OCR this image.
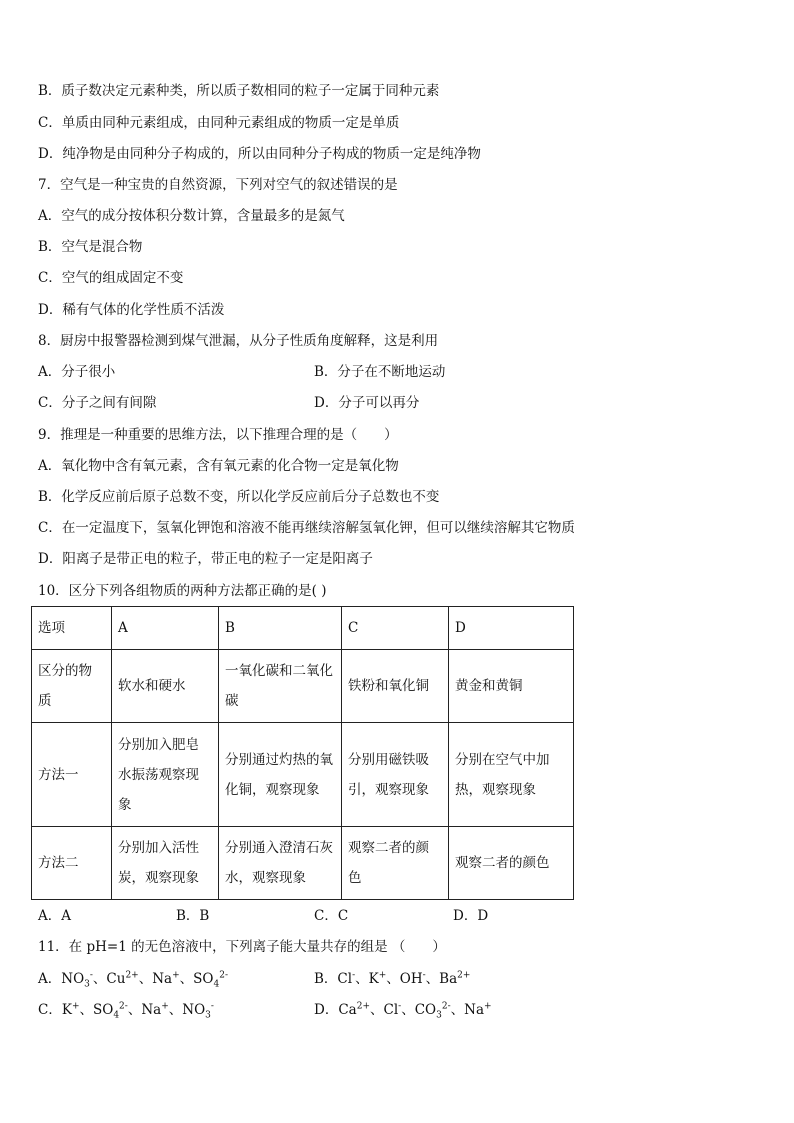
B．质子数决定元素种类，所以质子数相同的粒子一定属于同种元素
C．单质由同种元素组成，由同种元素组成的物质一定是单质
D．纯净物是由同种分子构成的，所以由同种分子构成的物质一定是纯净物
7．空气是一种宝贵的自然资源，下列对空气的叙述错误的是
A．空气的成分按体积分数计算，含量最多的是氮气
B．空气是混合物
C．空气的组成固定不变
D．稀有气体的化学性质不活泼
8．厨房中报警器检测到煤气泄漏，从分子性质角度解释，这是利用
A．分子很小	B．分子在不断地运动
C．分子之间有间隙	D．分子可以再分
9．推理是一种重要的思维方法，以下推理合理的是（　　）
A．氧化物中含有氧元素，含有氧元素的化合物一定是氧化物
B．化学反应前后原子总数不变，所以化学反应前后分子总数也不变
C．在一定温度下，氢氧化钾饱和溶液不能再继续溶解氢氧化钾，但可以继续溶解其它物质
D．阳离子是带正电的粒子，带正电的粒子一定是阳离子
10．区分下列各组物质的两种方法都正确的是( )
选项	A	B	C	D
区分的物质	软水和硬水	一氧化碳和二氧化碳	铁粉和氧化铜	黄金和黄铜
方法一	分别加入肥皂水振荡观察现象	分别通过灼热的氧化铜，观察现象	分别用磁铁吸引，观察现象	分别在空气中加热，观察现象
方法二	分别加入活性炭，观察现象	分别通入澄清石灰水，观察现象	观察二者的颜色	观察二者的颜色
A．A	B．B	C．C	D．D
11．在 pH=1 的无色溶液中，下列离子能大量共存的组是 （　　）
A．$NO_3^-$、$Cu^{2+}$、Na+、$SO_4^{2-}$	B．Cl-、K+、OH-、$Ba^{2+}$
C．K+、$SO_4^{2-}$、Na+、$NO_3^-$	D．$Ca^{2+}$、Cl-、$CO_3^{2-}$、Na+
